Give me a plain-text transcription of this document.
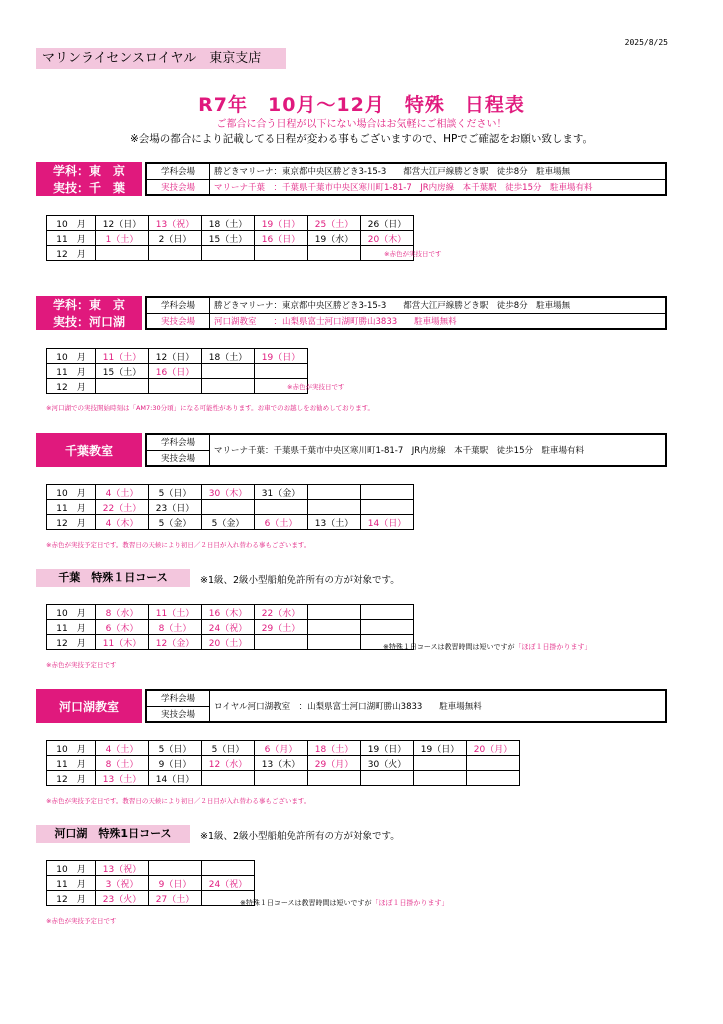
2025/8/25
マリンライセンスロイヤル　東京支店
R7年　10月～12月　特殊　日程表
ご都合に合う日程が以下にない場合はお気軽にご相談ください！
※会場の都合により記載してる日程が変わる事もございますので、HPでご確認をお願い致します。
学科：東　京
実技：千　葉
学科会場	勝どきマリーナ：東京都中央区勝どき3-15-3　　都営大江戸線勝どき駅　徒歩8分　駐車場無
実技会場	マリーナ千葉　：千葉県千葉市中央区寒川町1-81-7　JR内房線　本千葉駅　徒歩15分　駐車場有料
10　月	12（日）	13（祝）	18（土）	19（日）	25（土）	26（日）
11　月	1（土）	2（日）	15（土）	16（日）	19（水）	20（木）
12　月							※赤色が実技日です
学科：東　京
実技：河口湖
学科会場	勝どきマリーナ：東京都中央区勝どき3-15-3　　都営大江戸線勝どき駅　徒歩8分　駐車場無
実技会場	河口湖教室　　：山梨県富士河口湖町勝山3833　　駐車場無料
10　月	11（土）	12（日）	18（土）	19（日）
11　月	15（土）	16（日）		
12　月					※赤色が実技日です
※河口湖での実技開始時刻は「AM7:30分頃」になる可能性があります。お車でのお越しをお勧めしております。
千葉教室
学科会場	マリーナ千葉：千葉県千葉市中央区寒川町1-81-7　JR内房線　本千葉駅　徒歩15分　駐車場有料
実技会場
10　月	4（土）	5（日）	30（木）	31（金）		
11　月	22（土）	23（日）				
12　月	4（木）	5（金）	5（金）	6（土）	13（土）	14（日）
※赤色が実技予定日です。教習日の天候により初日／２日目が入れ替わる事もございます。
千葉　特殊１日コース	※1級、2級小型船舶免許所有の方が対象です。
10　月	8（水）	11（土）	16（木）	22（水）		
11　月	6（木）	8（土）	24（祝）	29（土）		
12　月	11（木）	12（金）	20（土）			
※赤色が実技予定日です
※特殊１日コースは教習時間は短いですが「ほぼ１日掛かります」
河口湖教室
学科会場	ロイヤル河口湖教室　：山梨県富士河口湖町勝山3833　　駐車場無料
実技会場
10　月	4（土）	5（日）	5（日）	6（月）	18（土）	19（日）	19（日）	20（月）
11　月	8（土）	9（日）	12（水）	13（木）	29（月）	30（火）		
12　月	13（土）	14（日）						
※赤色が実技予定日です。教習日の天候により初日／２日目が入れ替わる事もございます。
河口湖　特殊1日コース	※1級、2級小型船舶免許所有の方が対象です。
10　月	13（祝）		
11　月	3（祝）	9（日）	24（祝）
12　月	23（火）	27（土）	
※赤色が実技予定日です
※特殊１日コースは教習時間は短いですが「ほぼ１日掛かります」
